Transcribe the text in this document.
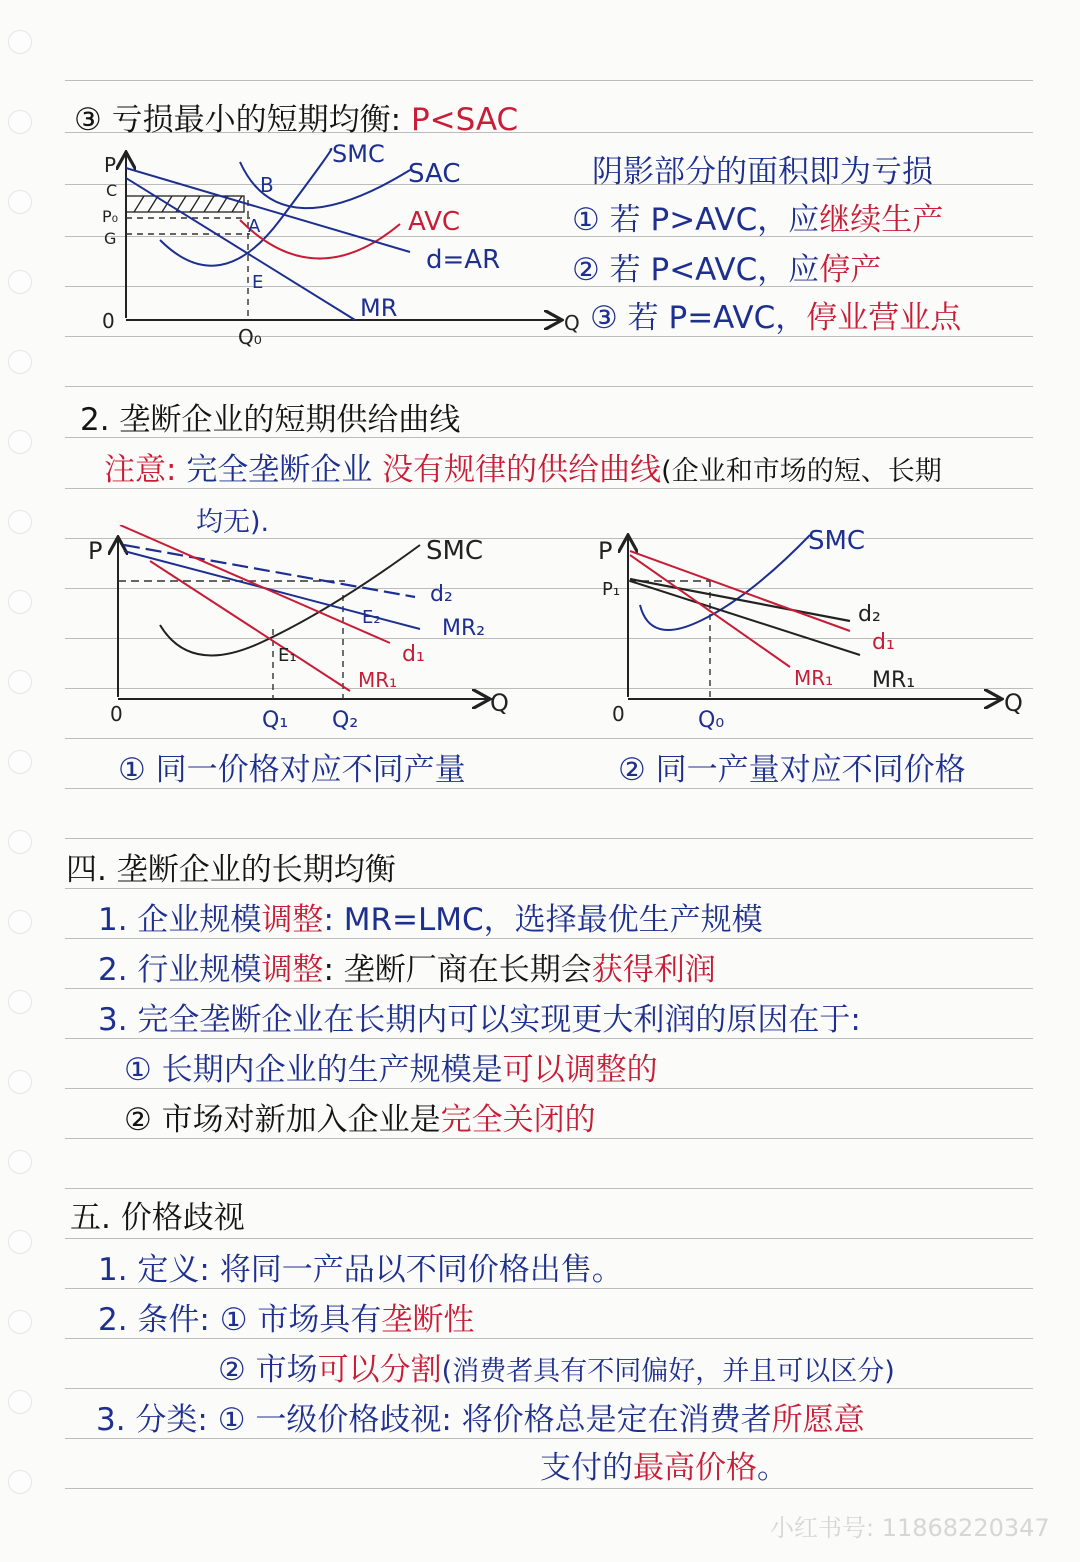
③ 亏损最小的短期均衡: P<SAC
P
C
P₀
G
0
Q₀
Q
B
A
E
SMC
SAC
AVC
d=AR
MR
阴影部分的面积即为亏损
① 若 P>AVC，应继续生产
② 若 P<AVC，应停产
③ 若 P=AVC，停业营业点
2. 垄断企业的短期供给曲线
注意: 完全垄断企业 没有规律的供给曲线(企业和市场的短、长期
均无).
P
0	Q
Q₁ Q₂
E₁
E₂
SMC
d₂
MR₂
d₁
MR₁
P
P₁
0	Q
Q₀
SMC
d₂
d₁
MR₁ MR₁
① 同一价格对应不同产量	② 同一产量对应不同价格
四. 垄断企业的长期均衡
1. 企业规模调整: MR=LMC，选择最优生产规模
2. 行业规模调整: 垄断厂商在长期会获得利润
3. 完全垄断企业在长期内可以实现更大利润的原因在于:
① 长期内企业的生产规模是可以调整的
② 市场对新加入企业是完全关闭的
五. 价格歧视
1. 定义: 将同一产品以不同价格出售。
2. 条件: ① 市场具有垄断性
② 市场可以分割(消费者具有不同偏好，并且可以区分)
3. 分类: ① 一级价格歧视: 将价格总是定在消费者所愿意
支付的最高价格。
小红书号: 11868220347
